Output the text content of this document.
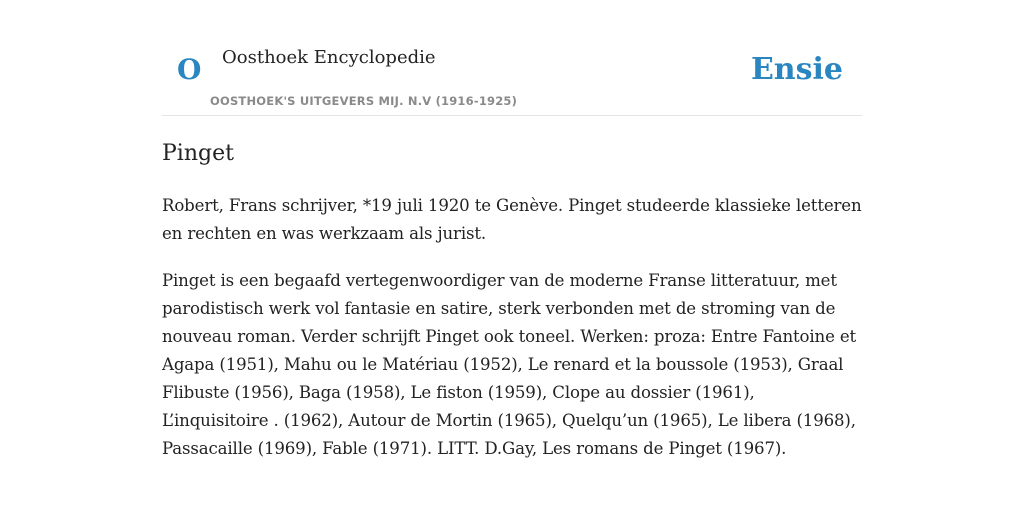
O Oosthoek Encyclopedie
OOSTHOEK'S UITGEVERS MIJ. N.V (1916-1925)
Ensie
Pinget

Robert, Frans schrijver, *19 juli 1920 te Genève. Pinget studeerde klassieke letteren en rechten en was werkzaam als jurist.

Pinget is een begaafd vertegenwoordiger van de moderne Franse litteratuur, met parodistisch werk vol fantasie en satire, sterk verbonden met de stroming van de nouveau roman. Verder schrijft Pinget ook toneel. Werken: proza: Entre Fantoine et Agapa (1951), Mahu ou le Matériau (1952), Le renard et la boussole (1953), Graal Flibuste (1956), Baga (1958), Le fiston (1959), Clope au dossier (1961), L’inquisitoire . (1962), Autour de Mortin (1965), Quelqu’un (1965), Le libera (1968), Passacaille (1969), Fable (1971). LITT. D.Gay, Les romans de Pinget (1967).
